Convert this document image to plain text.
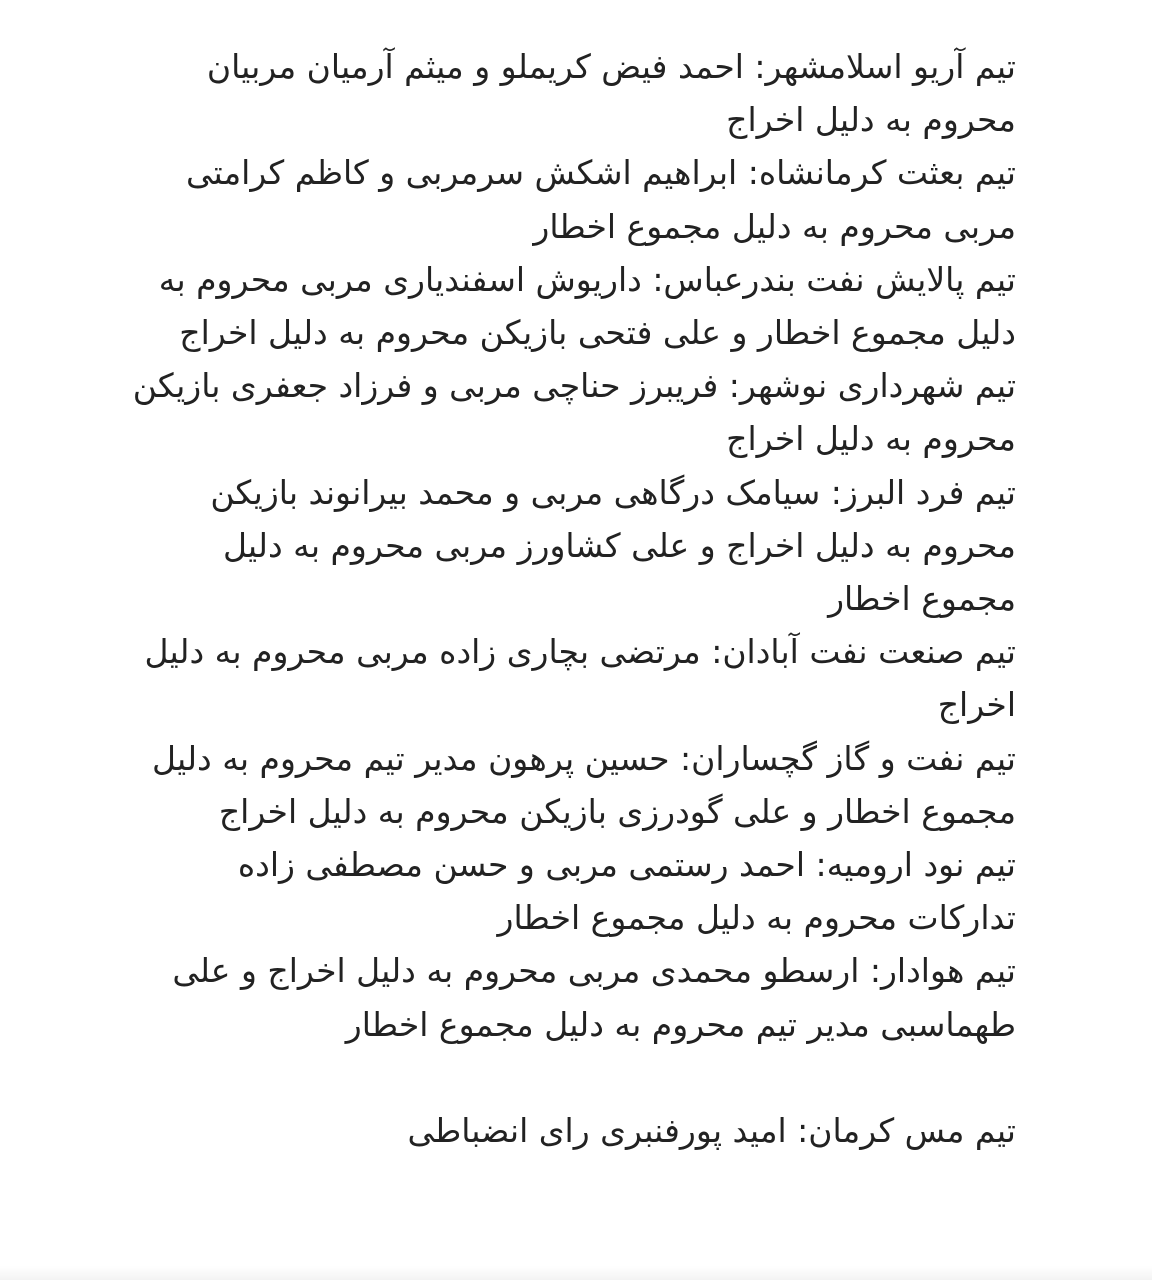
تیم آریو اسلامشهر: احمد فیض کریملو و میثم آرمیان مربیان محروم به دلیل اخراج

تیم بعثت کرمانشاه: ابراهیم اشکش سرمربی و کاظم کرامتی مربی محروم به دلیل مجموع اخطار

تیم پالایش نفت بندرعباس: داریوش اسفندیاری مربی محروم به دلیل مجموع اخطار و علی فتحی بازیکن محروم به دلیل اخراج

تیم شهرداری نوشهر: فریبرز حناچی مربی و فرزاد جعفری بازیکن محروم به دلیل اخراج

تیم فرد البرز: سیامک درگاهی مربی و محمد بیرانوند بازیکن محروم به دلیل اخراج و علی کشاورز مربی محروم به دلیل مجموع اخطار

تیم صنعت نفت آبادان: مرتضی بچاری زاده مربی محروم به دلیل اخراج

تیم نفت و گاز گچساران: حسین پرهون مدیر تیم محروم به دلیل مجموع اخطار و علی گودرزی بازیکن محروم به دلیل اخراج

تیم نود ارومیه: احمد رستمی مربی و حسن مصطفی زاده تدارکات محروم به دلیل مجموع اخطار

تیم هوادار: ارسطو محمدی مربی محروم به دلیل اخراج و علی طهماسبی مدیر تیم محروم به دلیل مجموع اخطار

تیم مس کرمان: امید پورفنبری رای انضباطی
